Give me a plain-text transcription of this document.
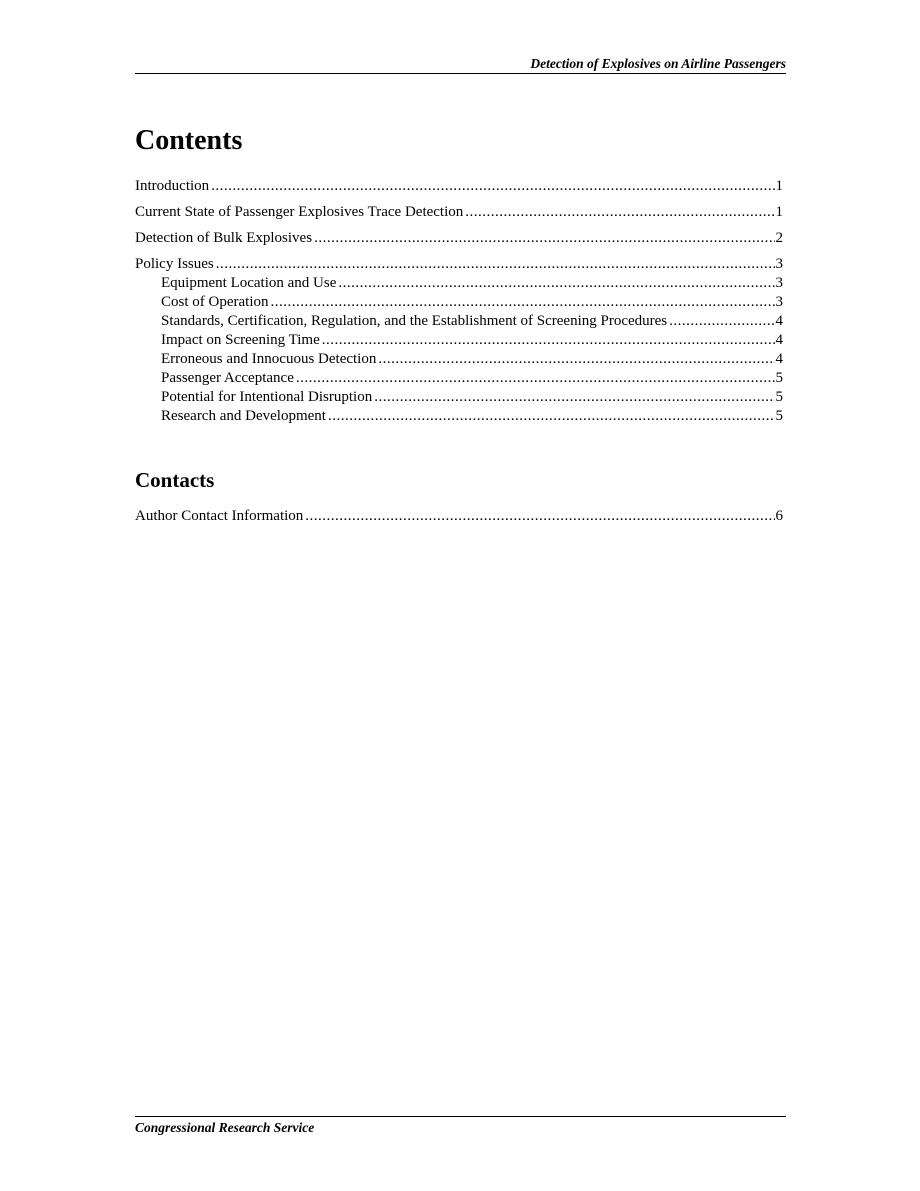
Detection of Explosives on Airline Passengers
Contents
Introduction .....	1
Current State of Passenger Explosives Trace Detection .....	1
Detection of Bulk Explosives .....	2
Policy Issues .....	3
Equipment Location and Use .....	3
Cost of Operation .....	3
Standards, Certification, Regulation, and the Establishment of Screening Procedures .....	4
Impact on Screening Time .....	4
Erroneous and Innocuous Detection .....	4
Passenger Acceptance .....	5
Potential for Intentional Disruption .....	5
Research and Development .....	5
Contacts
Author Contact Information .....	6
Congressional Research Service
